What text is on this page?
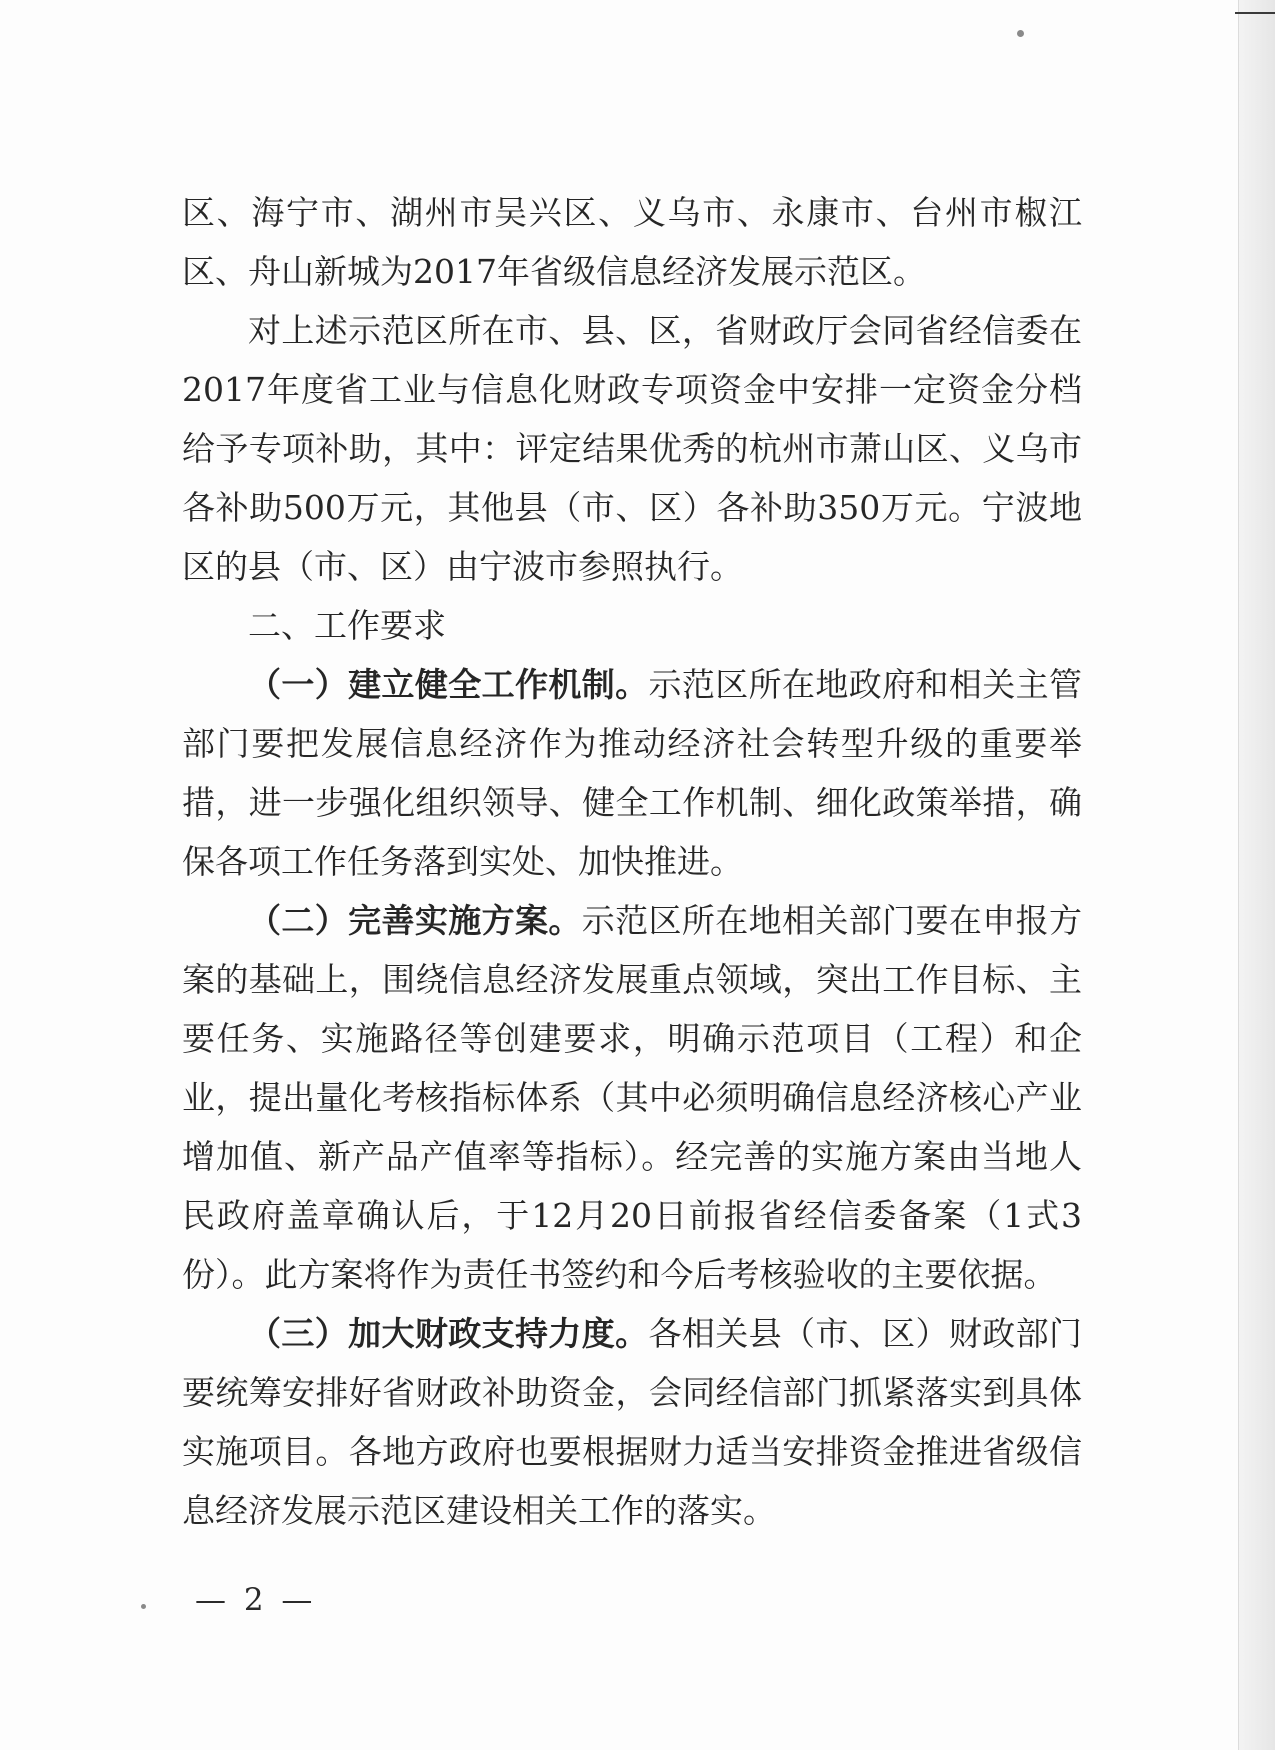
区、海宁市、湖州市吴兴区、义乌市、永康市、台州市椒江区、舟山新城为2017年省级信息经济发展示范区。

对上述示范区所在市、县、区，省财政厅会同省经信委在2017年度省工业与信息化财政专项资金中安排一定资金分档给予专项补助，其中：评定结果优秀的杭州市萧山区、义乌市各补助500万元，其他县（市、区）各补助350万元。宁波地区的县（市、区）由宁波市参照执行。

二、工作要求

（一）建立健全工作机制。示范区所在地政府和相关主管部门要把发展信息经济作为推动经济社会转型升级的重要举措，进一步强化组织领导、健全工作机制、细化政策举措，确保各项工作任务落到实处、加快推进。

（二）完善实施方案。示范区所在地相关部门要在申报方案的基础上，围绕信息经济发展重点领域，突出工作目标、主要任务、实施路径等创建要求，明确示范项目（工程）和企业，提出量化考核指标体系（其中必须明确信息经济核心产业增加值、新产品产值率等指标）。经完善的实施方案由当地人民政府盖章确认后，于12月20日前报省经信委备案（1式3份）。此方案将作为责任书签约和今后考核验收的主要依据。

（三）加大财政支持力度。各相关县（市、区）财政部门要统筹安排好省财政补助资金，会同经信部门抓紧落实到具体实施项目。各地方政府也要根据财力适当安排资金推进省级信息经济发展示范区建设相关工作的落实。

— 2 —
